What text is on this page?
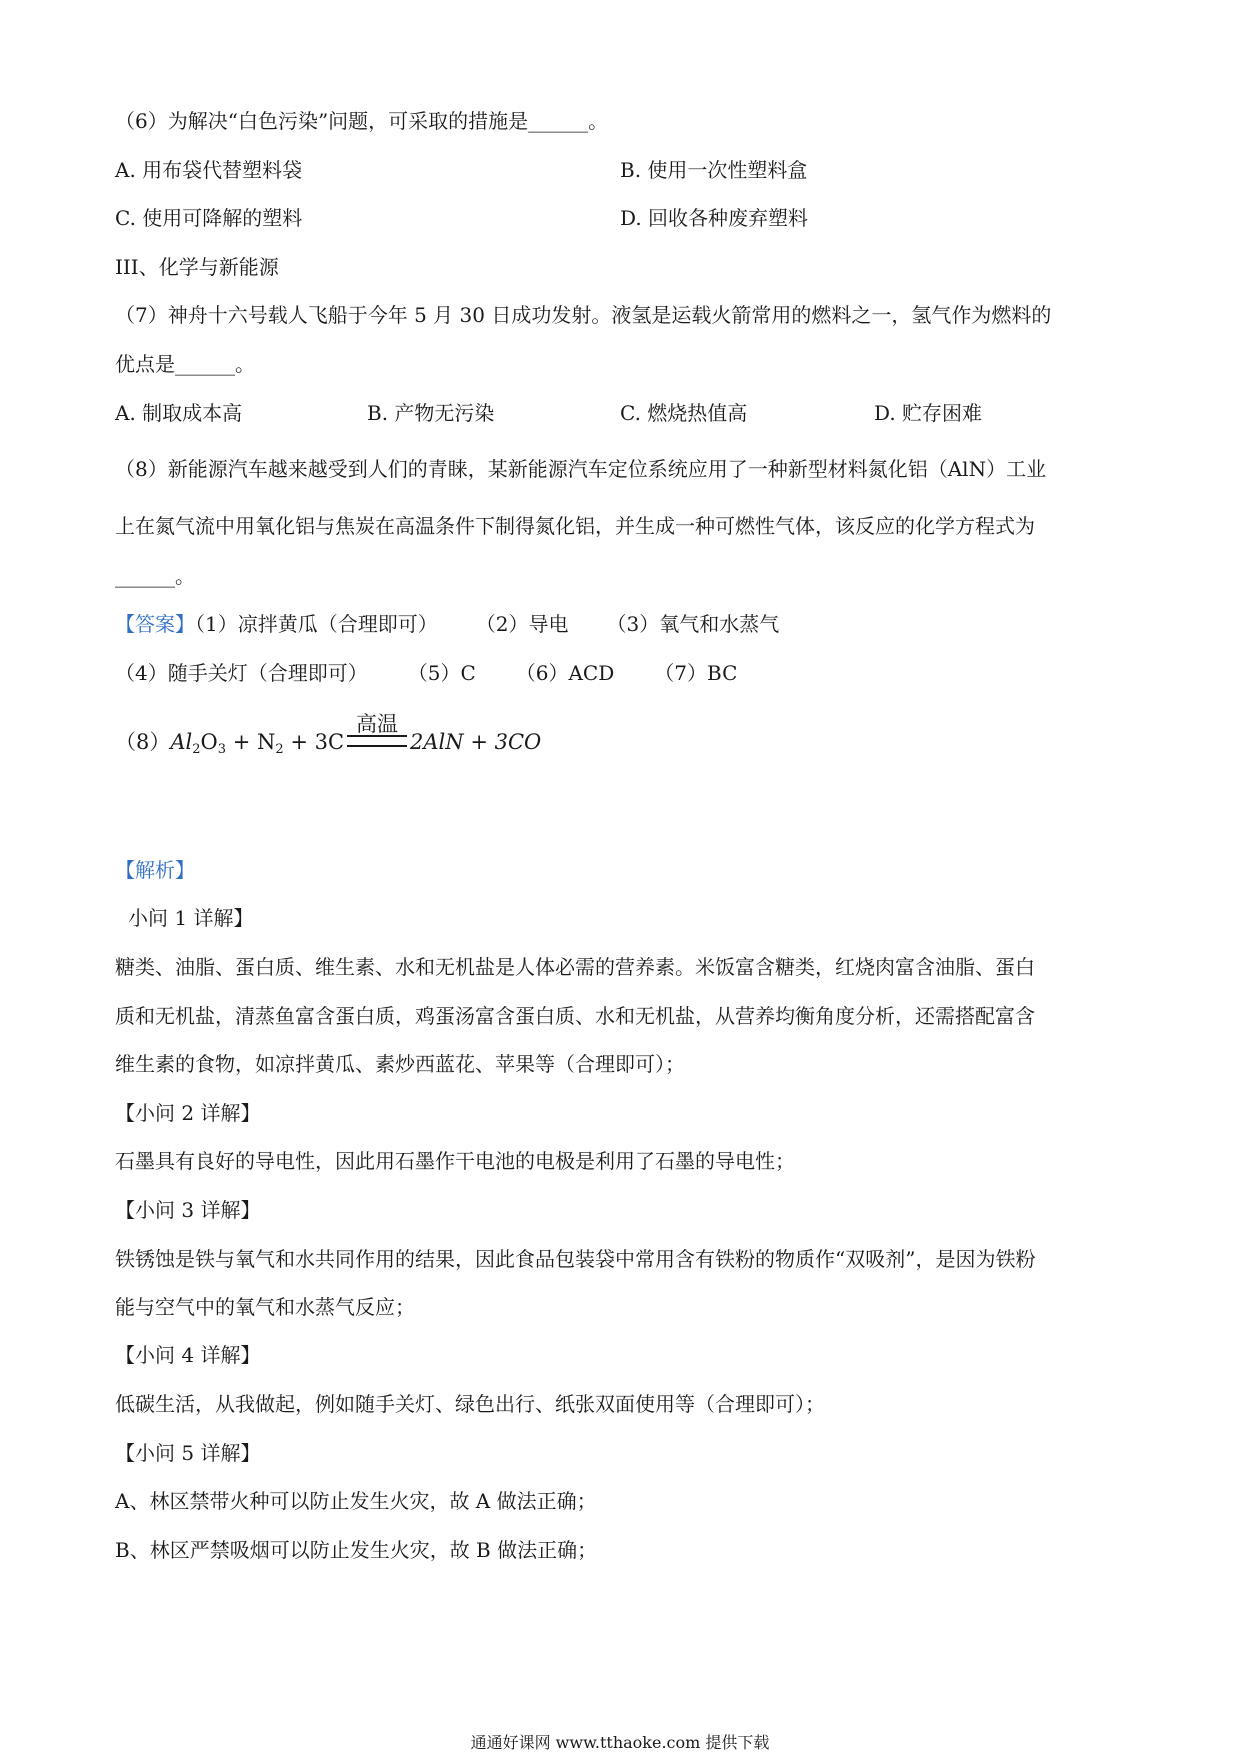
（6）为解决“白色污染”问题，可采取的措施是______。
A. 用布袋代替塑料袋	B. 使用一次性塑料盒
C. 使用可降解的塑料	D. 回收各种废弃塑料
III、化学与新能源
（7）神舟十六号载人飞船于今年 5 月 30 日成功发射。液氢是运载火箭常用的燃料之一，氢气作为燃料的
优点是______。
A. 制取成本高	B. 产物无污染	C. 燃烧热值高	D. 贮存困难
（8）新能源汽车越来越受到人们的青睐，某新能源汽车定位系统应用了一种新型材料氮化铝（AlN）工业
上在氮气流中用氧化铝与焦炭在高温条件下制得氮化铝，并生成一种可燃性气体，该反应的化学方程式为
______。
【答案】（1）凉拌黄瓜（合理即可） （2）导电 （3）氧气和水蒸气
（4）随手关灯（合理即可） （5）C （6）ACD （7）BC
$(8)Al_2O_3 + N_2 + 3C$
高温
2AlN + 3CO
【解析】
小问 1 详解】
糖类、油脂、蛋白质、维生素、水和无机盐是人体必需的营养素。米饭富含糖类，红烧肉富含油脂、蛋白
质和无机盐，清蒸鱼富含蛋白质，鸡蛋汤富含蛋白质、水和无机盐，从营养均衡角度分析，还需搭配富含
维生素的食物，如凉拌黄瓜、素炒西蓝花、苹果等（合理即可）；
【小问 2 详解】
石墨具有良好的导电性，因此用石墨作干电池的电极是利用了石墨的导电性；
【小问 3 详解】
铁锈蚀是铁与氧气和水共同作用的结果，因此食品包装袋中常用含有铁粉的物质作“双吸剂”，是因为铁粉
能与空气中的氧气和水蒸气反应；
【小问 4 详解】
低碳生活，从我做起，例如随手关灯、绿色出行、纸张双面使用等（合理即可）；
【小问 5 详解】
A、林区禁带火种可以防止发生火灾，故 A 做法正确；
B、林区严禁吸烟可以防止发生火灾，故 B 做法正确；
通通好课网 www.tthaoke.com 提供下载
